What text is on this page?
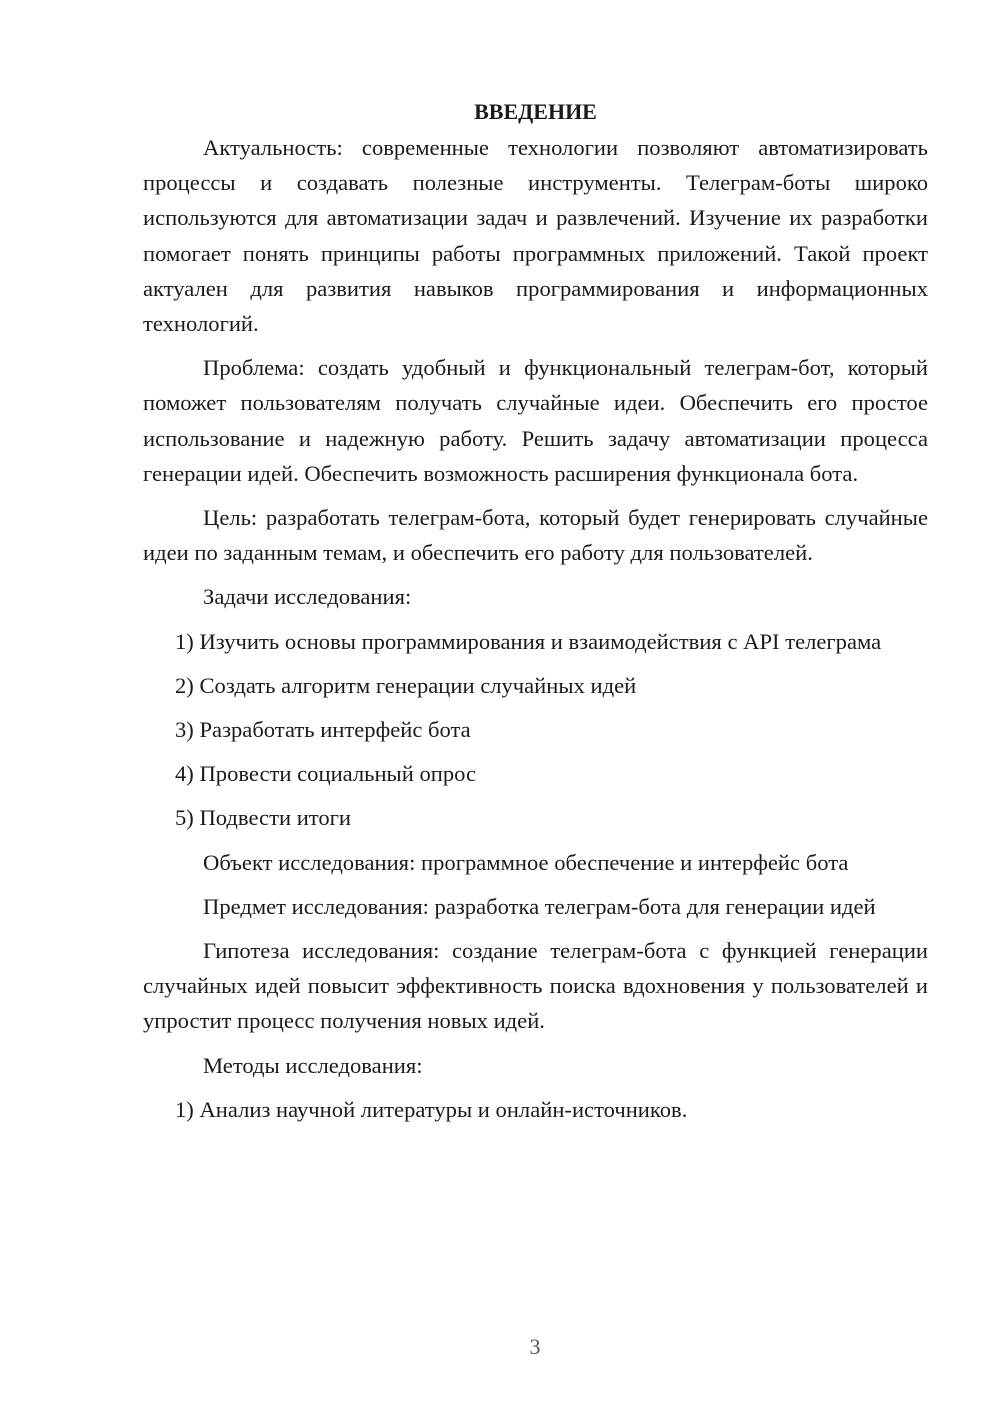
ВВЕДЕНИЕ

Актуальность: современные технологии позволяют автоматизировать процессы и создавать полезные инструменты. Телеграм-боты широко используются для автоматизации задач и развлечений. Изучение их разработки помогает понять принципы работы программных приложений. Такой проект актуален для развития навыков программирования и информационных технологий.

Проблема: создать удобный и функциональный телеграм-бот, который поможет пользователям получать случайные идеи. Обеспечить его простое использование и надежную работу. Решить задачу автоматизации процесса генерации идей. Обеспечить возможность расширения функционала бота.

Цель: разработать телеграм-бота, который будет генерировать случайные идеи по заданным темам, и обеспечить его работу для пользователей.

Задачи исследования:

1) Изучить основы программирования и взаимодействия с API телеграма

2) Создать алгоритм генерации случайных идей

3) Разработать интерфейс бота

4) Провести социальный опрос

5) Подвести итоги

Объект исследования: программное обеспечение и интерфейс бота

Предмет исследования: разработка телеграм-бота для генерации идей

Гипотеза исследования: создание телеграм-бота с функцией генерации случайных идей повысит эффективность поиска вдохновения у пользователей и упростит процесс получения новых идей.

Методы исследования:

1) Анализ научной литературы и онлайн-источников.

3
